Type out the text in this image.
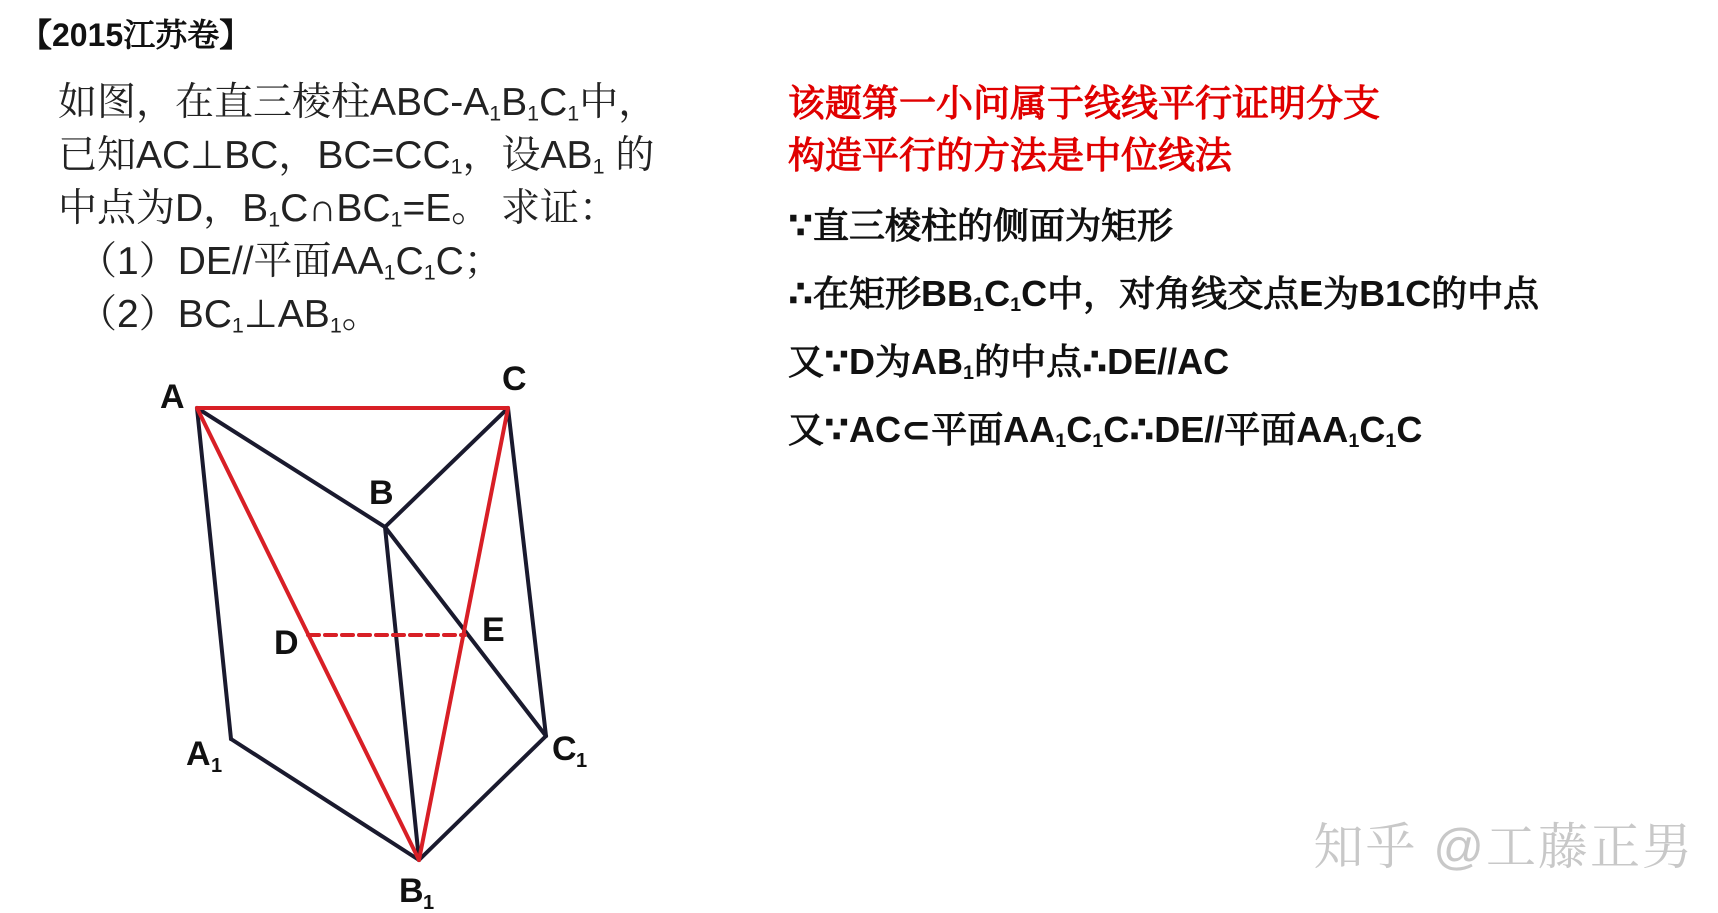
【2015江苏卷】
如图，在直三棱柱ABC-$A_1B_1C_1$中，
已知AC⊥BC，$BC=CC_1$，设$AB_1$ 的
中点为D，$B_1C\cap BC_1=E$。 求证：
（1）DE//平面$AA_1C_1C$；
$(2)BC_1\perp AB_1$。
该题第一小问属于线线平行证明分支
构造平行的方法是中位线法
∵直三棱柱的侧面为矩形
∴在矩形$BB_1C_1C$中，对角线交点E为B1C的中点
又∵D为$AB_1$的中点∴DE//AC
又∵AC⊂平面$AA_1C_1C\therefore DE//$平面$AA_1C_1C$
A	C
B
D	E
A 1	C 1
B 1
知乎 @工藤正男
